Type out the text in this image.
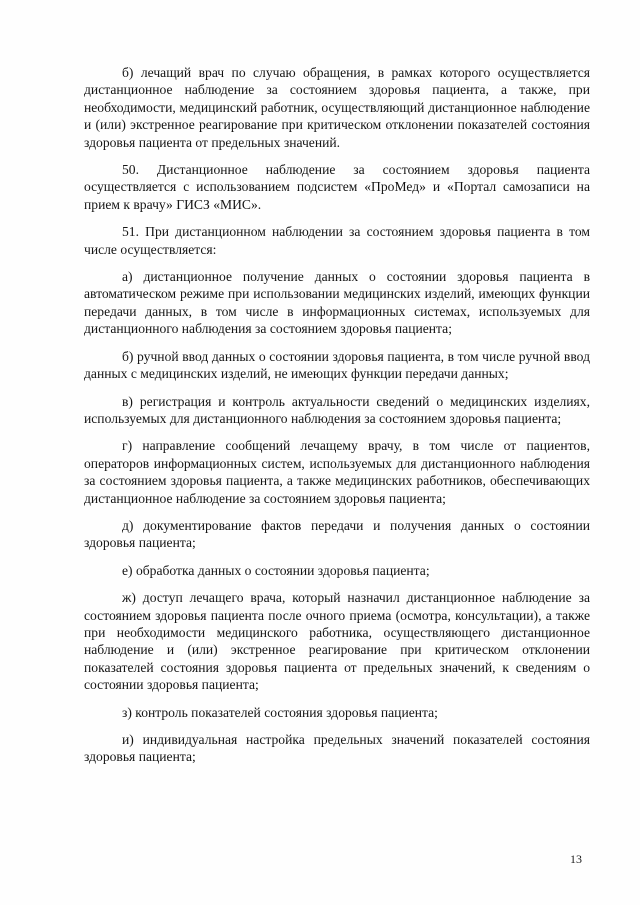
б) лечащий врач по случаю обращения, в рамках которого осуществляется дистанционное наблюдение за состоянием здоровья пациента, а также, при необходимости, медицинский работник, осуществляющий дистанционное наблюдение и (или) экстренное реагирование при критическом отклонении показателей состояния здоровья пациента от предельных значений.

50. Дистанционное наблюдение за состоянием здоровья пациента осуществляется с использованием подсистем «ПроМед» и «Портал самозаписи на прием к врачу» ГИСЗ «МИС».

51. При дистанционном наблюдении за состоянием здоровья пациента в том числе осуществляется:

а) дистанционное получение данных о состоянии здоровья пациента в автоматическом режиме при использовании медицинских изделий, имеющих функции передачи данных, в том числе в информационных системах, используемых для дистанционного наблюдения за состоянием здоровья пациента;

б) ручной ввод данных о состоянии здоровья пациента, в том числе ручной ввод данных с медицинских изделий, не имеющих функции передачи данных;

в) регистрация и контроль актуальности сведений о медицинских изделиях, используемых для дистанционного наблюдения за состоянием здоровья пациента;

г) направление сообщений лечащему врачу, в том числе от пациентов, операторов информационных систем, используемых для дистанционного наблюдения за состоянием здоровья пациента, а также медицинских работников, обеспечивающих дистанционное наблюдение за состоянием здоровья пациента;

д) документирование фактов передачи и получения данных о состоянии здоровья пациента;

е) обработка данных о состоянии здоровья пациента;

ж) доступ лечащего врача, который назначил дистанционное наблюдение за состоянием здоровья пациента после очного приема (осмотра, консультации), а также при необходимости медицинского работника, осуществляющего дистанционное наблюдение и (или) экстренное реагирование при критическом отклонении показателей состояния здоровья пациента от предельных значений, к сведениям о состоянии здоровья пациента;

з) контроль показателей состояния здоровья пациента;

и) индивидуальная настройка предельных значений показателей состояния здоровья пациента;

13
